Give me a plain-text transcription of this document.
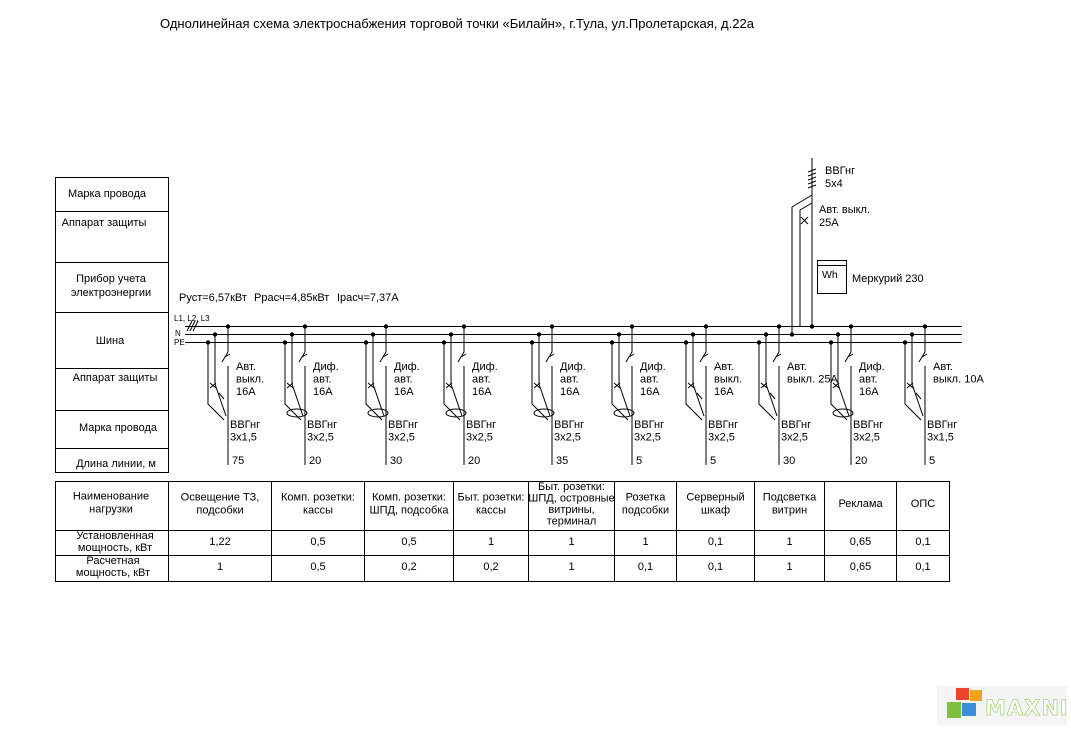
Однолинейная схема электроснабжения торговой точки «Билайн», г.Тула, ул.Пролетарская, д.22а
Марка провода
Аппарат защиты
Прибор учета
электроэнергии
Шина
Аппарат защиты
Марка провода
Длина линии, м
Руст=6,57кВт Ррасч=4,85кВт Iрасч=7,37А
L1, L2, L3
N
PE
ВВГнг
5х4
Авт. выкл.
25А
Wh Меркурий 230
Авт.
выкл.
16А
ВВГнг
3х1,5
75
Диф.
авт.
16А
ВВГнг
3х2,5
20
Диф.
авт.
16А
ВВГнг
3х2,5
30
Диф.
авт.
16А
ВВГнг
3х2,5
20
Диф.
авт.
16А
ВВГнг
3х2,5
35
Диф.
авт.
16А
ВВГнг
3х2,5
5
Авт.
выкл.
16А
ВВГнг
3х2,5
5
Авт.
выкл. 25А
ВВГнг
3х2,5
30
Диф.
авт.
16А
ВВГнг
3х2,5
20
Авт.
выкл. 10А
ВВГнг
3х1,5
5
Наименование
нагрузки
Установленная
мощность, кВт
Расчетная
мощность, кВт
Освещение ТЗ,
подсобки
1,22
1
Комп. розетки:
кассы
0,5
0,5
Комп. розетки:
ШПД, подсобка
0,5
0,2
Быт. розетки:
кассы
1
0,2
Быт. розетки:
ШПД, островные
витрины,
терминал
1
1
Розетка
подсобки
1
0,1
Серверный
шкаф
0,1
0,1
Подсветка
витрин
1
1
Реклама
0,65
0,65
ОПС
0,1
0,1
MAXNI
